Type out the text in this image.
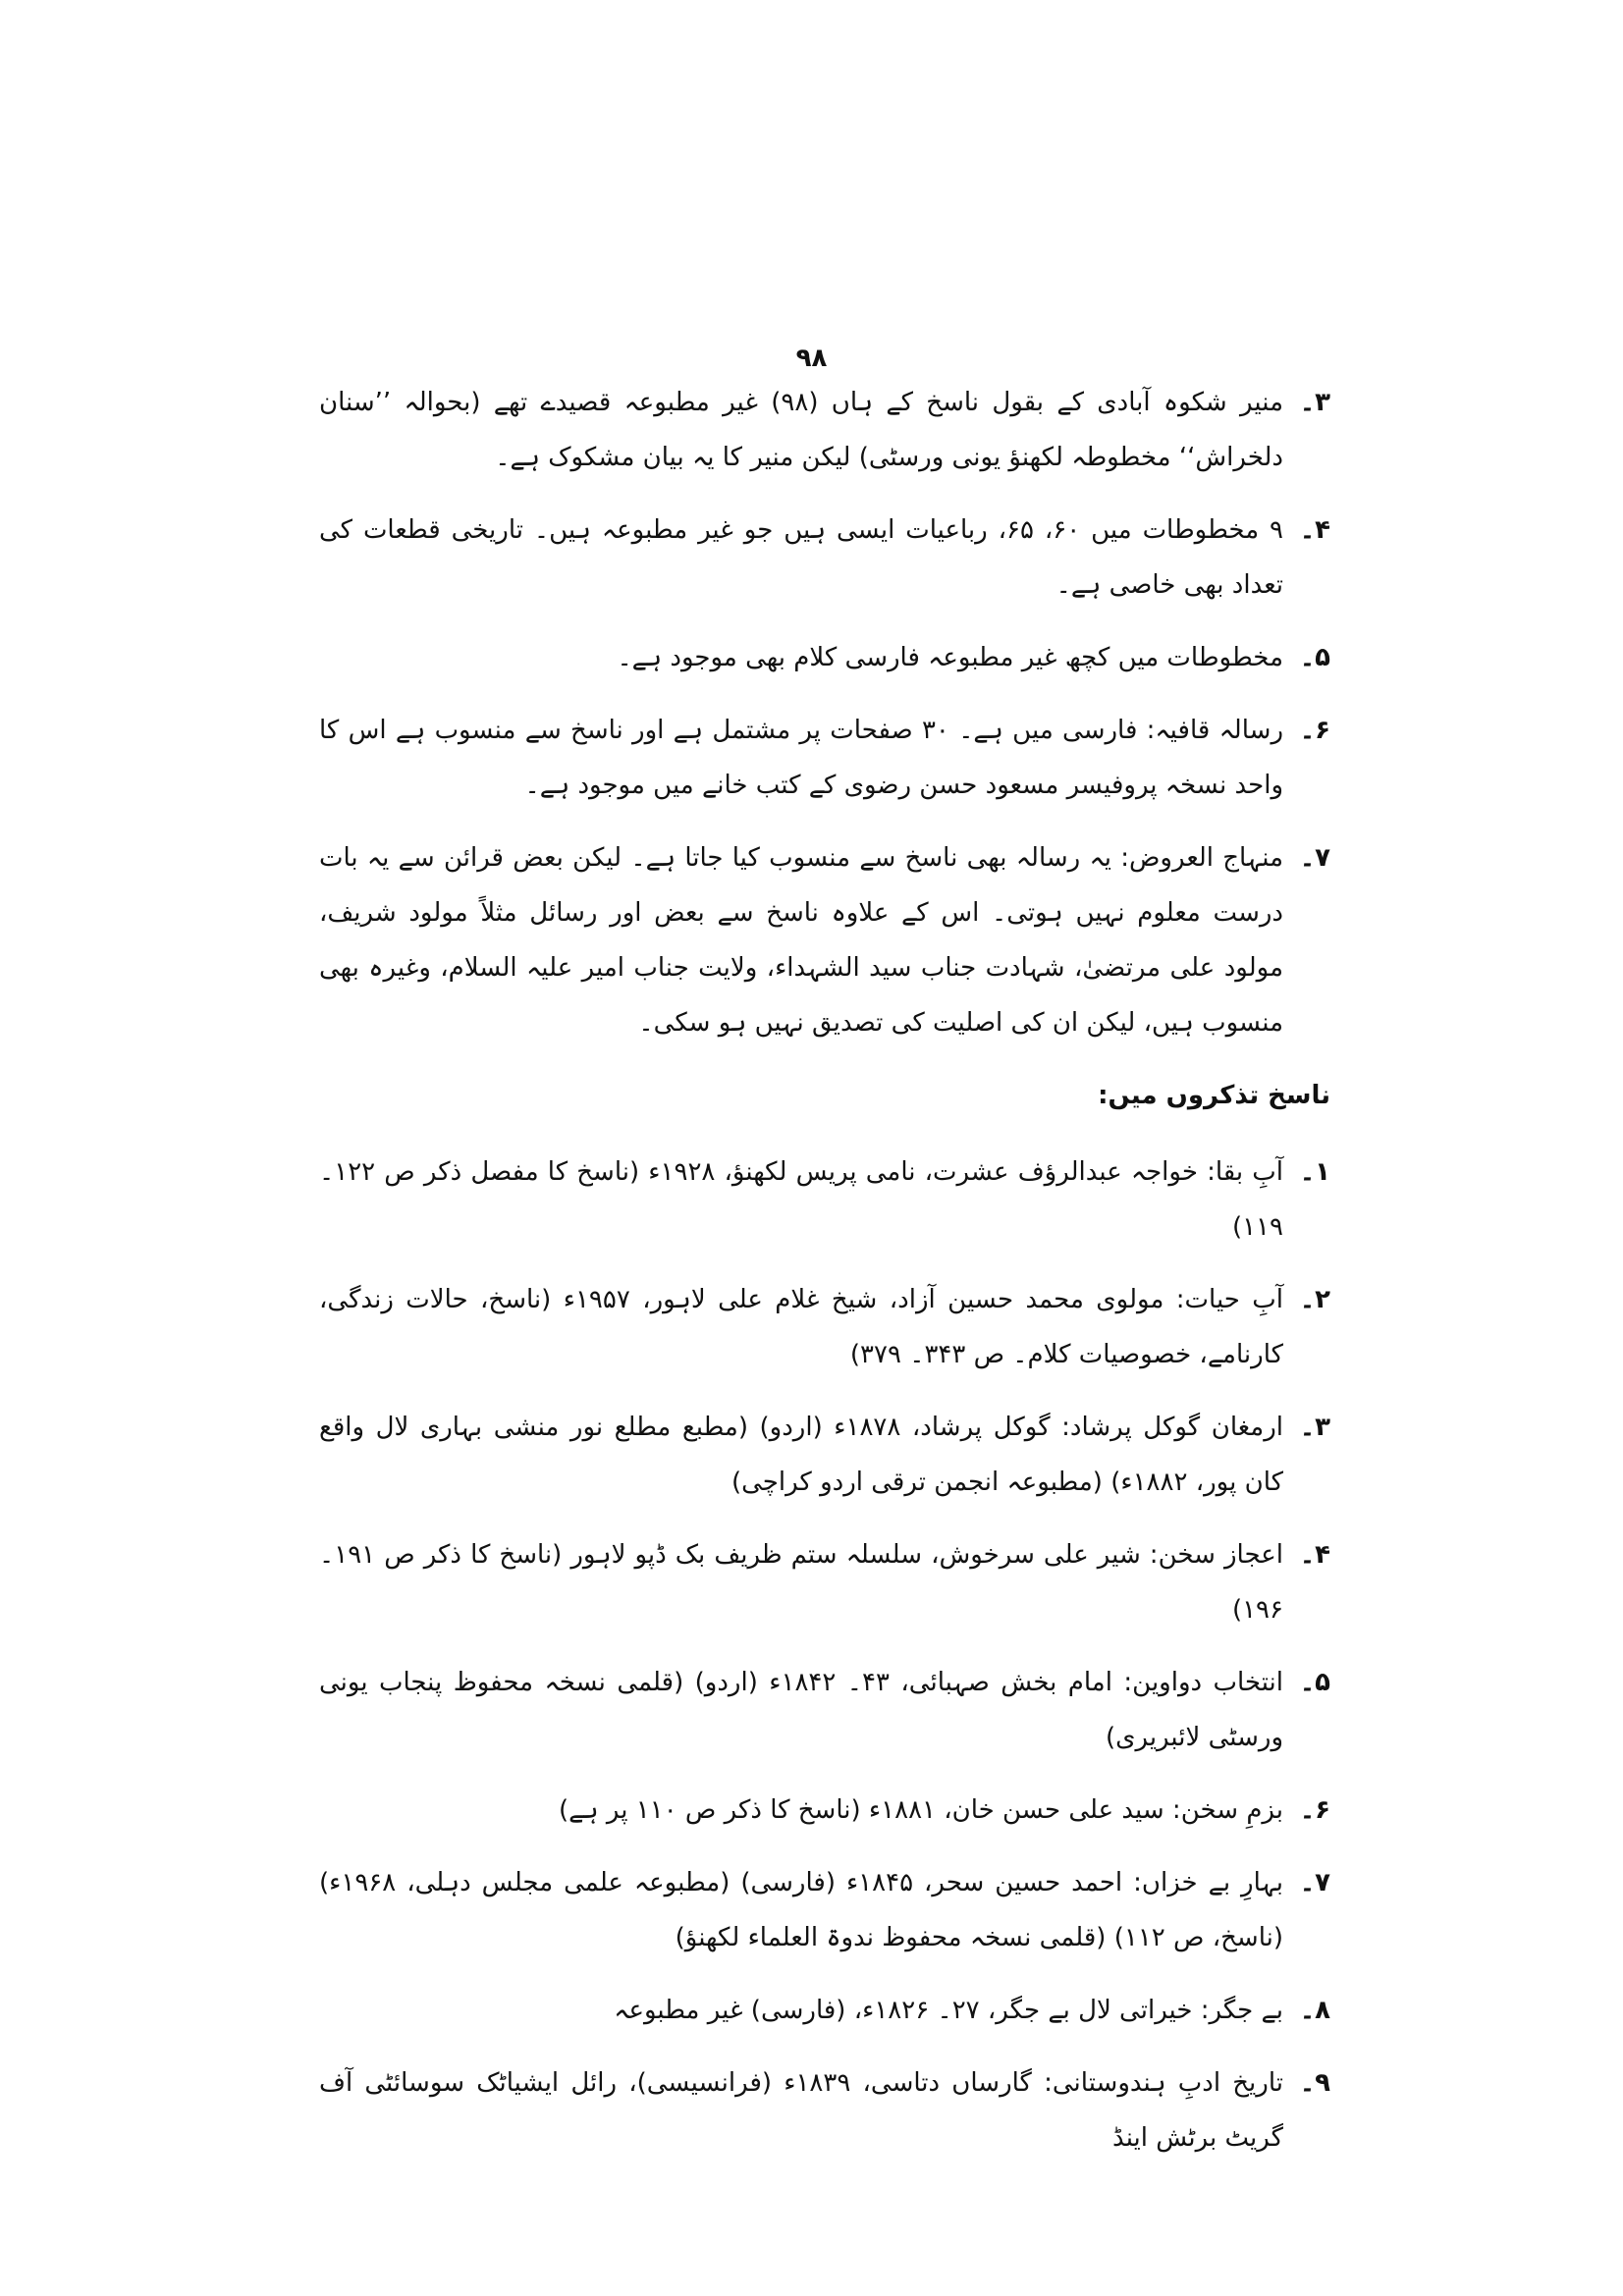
۹۸
۳۔
منیر شکوہ آبادی کے بقول ناسخ کے ہاں (۹۸) غیر مطبوعہ قصیدے تھے (بحوالہ ’’سنان دلخراش‘‘ مخطوطہ لکھنؤ یونی ورسٹی) لیکن منیر کا یہ بیان مشکوک ہے۔
۴۔
۹ مخطوطات میں ۶۰، ۶۵، رباعیات ایسی ہیں جو غیر مطبوعہ ہیں۔ تاریخی قطعات کی تعداد بھی خاصی ہے۔
۵۔
مخطوطات میں کچھ غیر مطبوعہ فارسی کلام بھی موجود ہے۔
۶۔
رسالہ قافیہ: فارسی میں ہے۔ ۳۰ صفحات پر مشتمل ہے اور ناسخ سے منسوب ہے اس کا واحد نسخہ پروفیسر مسعود حسن رضوی کے کتب خانے میں موجود ہے۔
۷۔
منہاج العروض: یہ رسالہ بھی ناسخ سے منسوب کیا جاتا ہے۔ لیکن بعض قرائن سے یہ بات درست معلوم نہیں ہوتی۔ اس کے علاوہ ناسخ سے بعض اور رسائل مثلاً مولود شریف، مولود علی مرتضیٰ، شہادت جناب سید الشہداء، ولایت جناب امیر علیہ السلام، وغیرہ بھی منسوب ہیں، لیکن ان کی اصلیت کی تصدیق نہیں ہو سکی۔
ناسخ تذکروں میں:
۱۔
آبِ بقا: خواجہ عبدالرؤف عشرت، نامی پریس لکھنؤ، ۱۹۲۸ء (ناسخ کا مفصل ذکر ص ۱۲۲۔ ۱۱۹)
۲۔
آبِ حیات: مولوی محمد حسین آزاد، شیخ غلام علی لاہور، ۱۹۵۷ء (ناسخ، حالات زندگی، کارنامے، خصوصیات کلام۔ ص ۳۴۳۔ ۳۷۹)
۳۔
ارمغان گوکل پرشاد: گوکل پرشاد، ۱۸۷۸ء (اردو) (مطبع مطلع نور منشی بہاری لال واقع کان پور، ۱۸۸۲ء) (مطبوعہ انجمن ترقی اردو کراچی)
۴۔
اعجاز سخن: شیر علی سرخوش، سلسلہ ستم ظریف بک ڈپو لاہور (ناسخ کا ذکر ص ۱۹۱۔ ۱۹۶)
۵۔
انتخاب دواوین: امام بخش صہبائی، ۴۳۔ ۱۸۴۲ء (اردو) (قلمی نسخہ محفوظ پنجاب یونی ورسٹی لائبریری)
۶۔
بزمِ سخن: سید علی حسن خان، ۱۸۸۱ء (ناسخ کا ذکر ص ۱۱۰ پر ہے)
۷۔
بہارِ بے خزاں: احمد حسین سحر، ۱۸۴۵ء (فارسی) (مطبوعہ علمی مجلس دہلی، ۱۹۶۸ء) (ناسخ، ص ۱۱۲) (قلمی نسخہ محفوظ ندوۃ العلماء لکھنؤ)
۸۔
بے جگر: خیراتی لال بے جگر، ۲۷۔ ۱۸۲۶ء، (فارسی) غیر مطبوعہ
۹۔
تاریخ ادبِ ہندوستانی: گارساں دتاسی، ۱۸۳۹ء (فرانسیسی)، رائل ایشیاٹک سوسائٹی آف گریٹ برٹش اینڈ
